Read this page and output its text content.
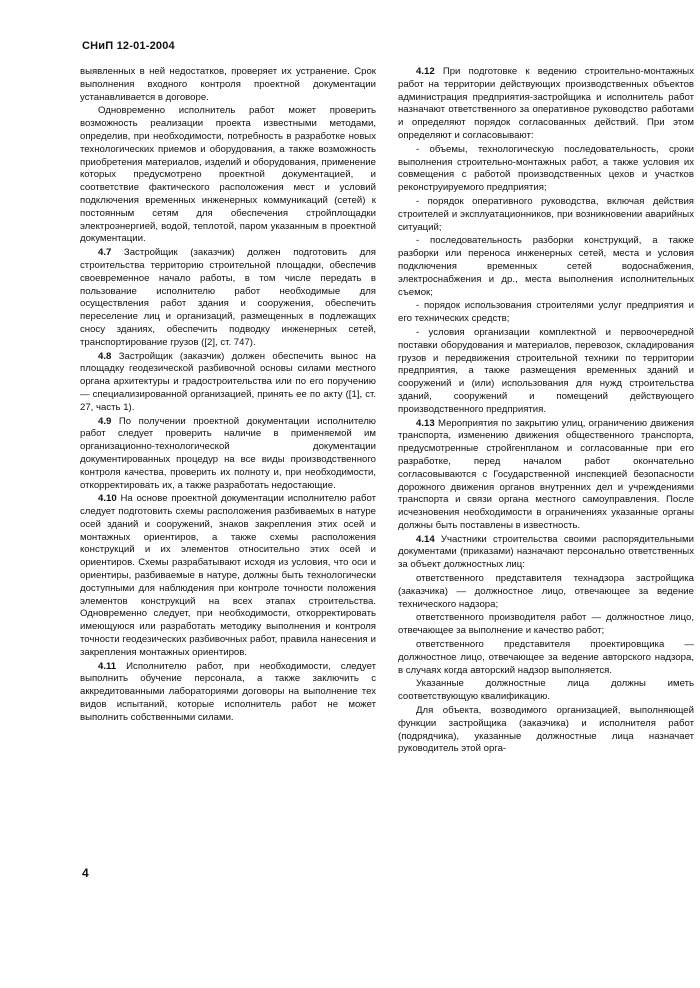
СНиП 12-01-2004

выявленных в ней недостатков, проверяет их устранение. Срок выполнения входного контроля проектной документации устанавливается в договоре.

Одновременно исполнитель работ может проверить возможность реализации проекта известными методами, определив, при необходимости, потребность в разработке новых технологических приемов и оборудования, а также возможность приобретения материалов, изделий и оборудования, применение которых предусмотрено проектной документацией, и соответствие фактического расположения мест и условий подключения временных инженерных коммуникаций (сетей) к постоянным сетям для обеспечения стройплощадки электроэнергией, водой, теплотой, паром указанным в проектной документации.

4.7 Застройщик (заказчик) должен подготовить для строительства территорию строительной площадки, обеспечив своевременное начало работы, в том числе передать в пользование исполнителю работ необходимые для осуществления работ здания и сооружения, обеспечить переселение лиц и организаций, размещенных в подлежащих сносу зданиях, обеспечить подводку инженерных сетей, транспортирование грузов ([2], ст. 747).

4.8 Застройщик (заказчик) должен обеспечить вынос на площадку геодезической разбивочной основы силами местного органа архитектуры и градостроительства или по его поручению — специализированной организацией, принять ее по акту ([1], ст. 27, часть 1).

4.9 По получении проектной документации исполнителю работ следует проверить наличие в применяемой им организационно-технологической документации документированных процедур на все виды производственного контроля качества, проверить их полноту и, при необходимости, откорректировать их, а также разработать недостающие.

4.10 На основе проектной документации исполнителю работ следует подготовить схемы расположения разбиваемых в натуре осей зданий и сооружений, знаков закрепления этих осей и монтажных ориентиров, а также схемы расположения конструкций и их элементов относительно этих осей и ориентиров. Схемы разрабатывают исходя из условия, что оси и ориентиры, разбиваемые в натуре, должны быть технологически доступными для наблюдения при контроле точности положения элементов конструкций на всех этапах строительства. Одновременно следует, при необходимости, откорректировать имеющуюся или разработать методику выполнения и контроля точности геодезических разбивочных работ, правила нанесения и закрепления монтажных ориентиров.

4.11 Исполнителю работ, при необходимости, следует выполнить обучение персонала, а также заключить с аккредитованными лабораториями договоры на выполнение тех видов испытаний, которые исполнитель работ не может выполнить собственными силами.

4.12 При подготовке к ведению строительно-монтажных работ на территории действующих производственных объектов администрация предприятия-застройщика и исполнитель работ назначают ответственного за оперативное руководство работами и определяют порядок согласованных действий. При этом определяют и согласовывают:

- объемы, технологическую последовательность, сроки выполнения строительно-монтажных работ, а также условия их совмещения с работой производственных цехов и участков реконструируемого предприятия;

- порядок оперативного руководства, включая действия строителей и эксплуатационников, при возникновении аварийных ситуаций;

- последовательность разборки конструкций, а также разборки или переноса инженерных сетей, места и условия подключения временных сетей водоснабжения, электроснабжения и др., места выполнения исполнительных съемок;

- порядок использования строителями услуг предприятия и его технических средств;

- условия организации комплектной и первоочередной поставки оборудования и материалов, перевозок, складирования грузов и передвижения строительной техники по территории предприятия, а также размещения временных зданий и сооружений и (или) использования для нужд строительства зданий, сооружений и помещений действующего производственного предприятия.

4.13 Мероприятия по закрытию улиц, ограничению движения транспорта, изменению движения общественного транспорта, предусмотренные стройгенпланом и согласованные при его разработке, перед началом работ окончательно согласовываются с Государственной инспекцией безопасности дорожного движения органов внутренних дел и учреждениями транспорта и связи органа местного самоуправления. После исчезновения необходимости в ограничениях указанные органы должны быть поставлены в известность.

4.14 Участники строительства своими распорядительными документами (приказами) назначают персонально ответственных за объект должностных лиц:

ответственного представителя технадзора застройщика (заказчика) — должностное лицо, отвечающее за ведение технического надзора;

ответственного производителя работ — должностное лицо, отвечающее за выполнение и качество работ;

ответственного представителя проектировщика — должностное лицо, отвечающее за ведение авторского надзора, в случаях когда авторский надзор выполняется.

Указанные должностные лица должны иметь соответствующую квалификацию.

Для объекта, возводимого организацией, выполняющей функции застройщика (заказчика) и исполнителя работ (подрядчика), указанные должностные лица назначает руководитель этой орга-

4
